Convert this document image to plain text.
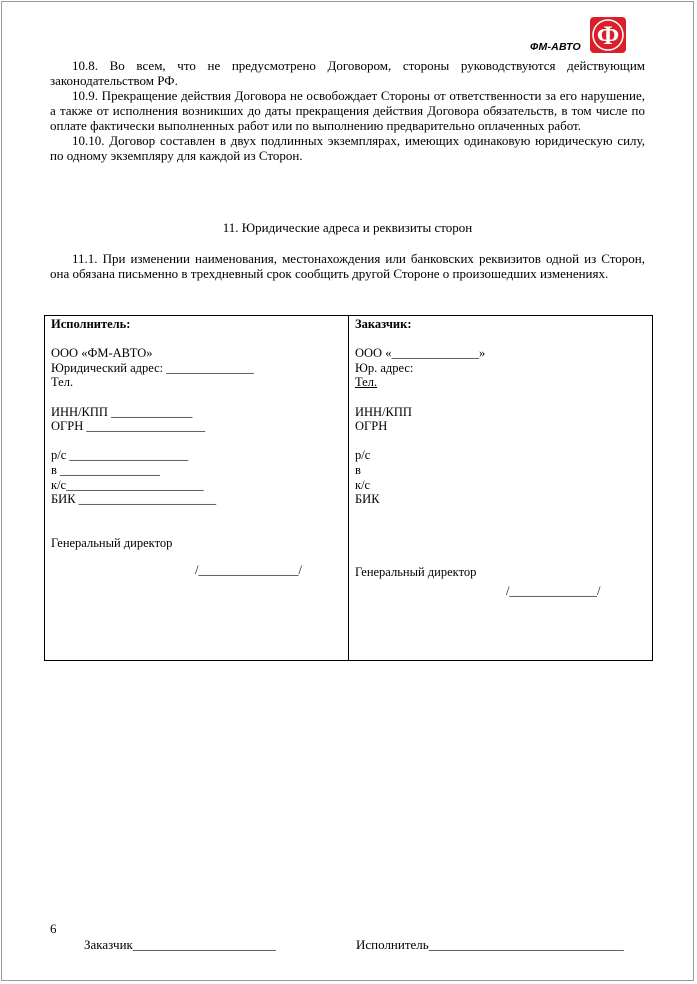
ФМ-АВТО Ф

10.8. Во всем, что не предусмотрено Договором, стороны руководствуются действующим законодательством РФ.

10.9. Прекращение действия Договора не освобождает Стороны от ответственности за его нарушение, а также от исполнения возникших до даты прекращения действия Договора обязательств, в том числе по оплате фактически выполненных работ или по выполнению предварительно оплаченных работ.

10.10. Договор составлен в двух подлинных экземплярах, имеющих одинаковую юридическую силу, по одному экземпляру для каждой из Сторон.

11. Юридические адреса и реквизиты сторон

11.1. При изменении наименования, местонахождения или банковских реквизитов одной из Сторон, она обязана письменно в трехдневный срок сообщить другой Стороне о произошедших изменениях.

Исполнитель:
ООО «ФМ-АВТО»
Юридический адрес: ______________
Тел.
ИНН/КПП _____________
ОГРН ___________________
р/с ___________________
в ________________
к/с______________________
БИК ______________________
Генеральный директор
/________________/
Заказчик:
ООО «______________»
Юр. адрес:
Тел.
ИНН/КПП
ОГРН
р/с
в
к/с
БИК
Генеральный директор
/______________/
6
Заказчик______________________	Исполнитель______________________________
